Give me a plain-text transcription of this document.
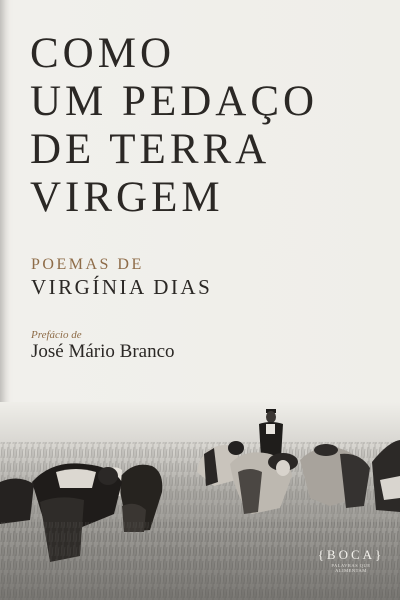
COMO
UM PEDAÇO
DE TERRA
VIRGEM
POEMAS DE
VIRGÍNIA DIAS
Prefácio de
José Mário Branco
{BOCA}
PALAVRAS QUE ALIMENTAM
